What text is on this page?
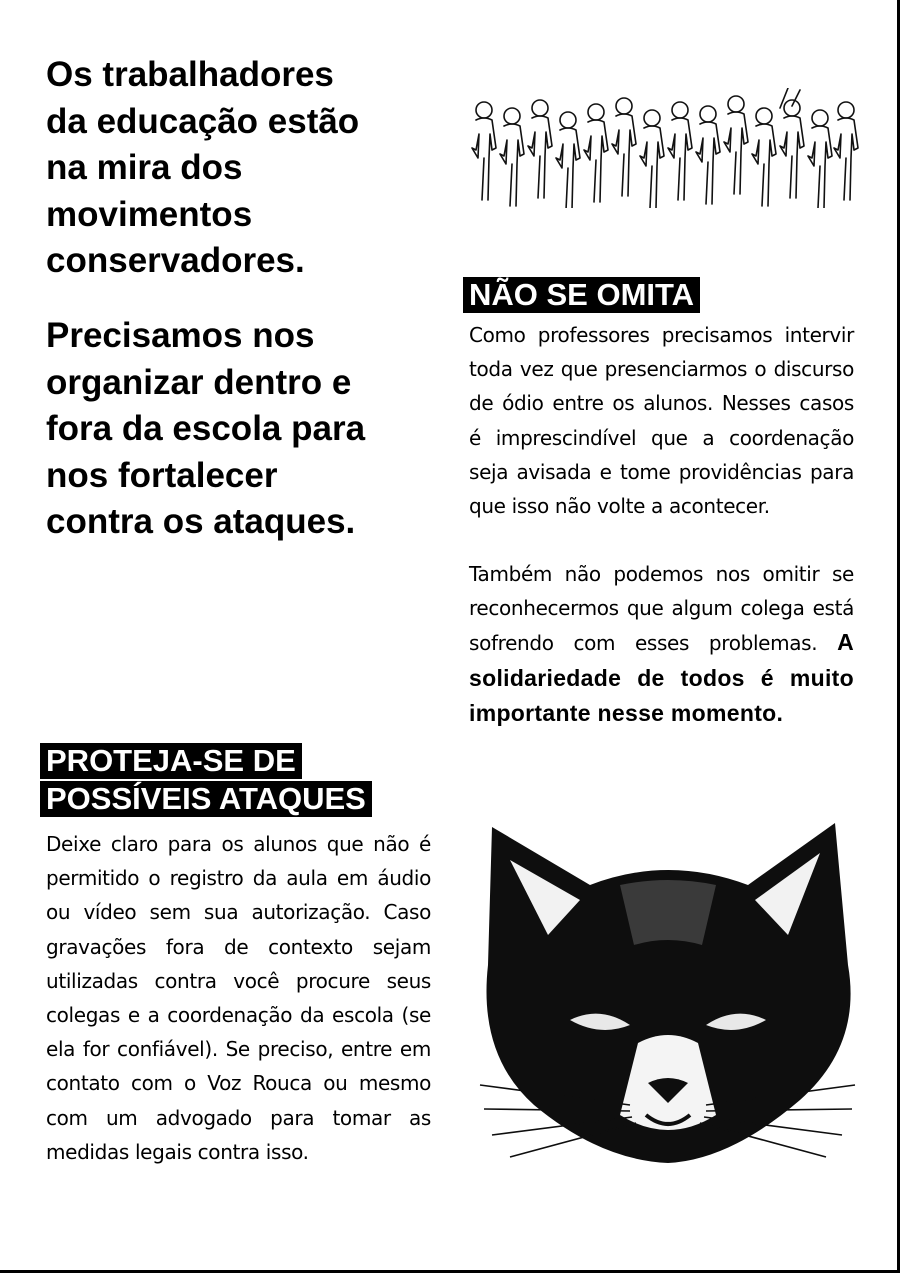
Os trabalhadores
da educação estão
na mira dos
movimentos
conservadores.
Precisamos nos
organizar dentro e
fora da escola para
nos fortalecer
contra os ataques.
NÃO SE OMITA

Como professores precisamos intervir toda vez que presenciarmos o discurso de ódio entre os alunos. Nesses casos é imprescindível que a coordenação seja avisada e tome providências para que isso não volte a acontecer.

Também não podemos nos omitir se reconhecermos que algum colega está sofrendo com esses problemas. A solidariedade de todos é muito importante nesse momento.

PROTEJA-SE DE
POSSÍVEIS ATAQUES

Deixe claro para os alunos que não é permitido o registro da aula em áudio ou vídeo sem sua autorização. Caso gravações fora de contexto sejam utilizadas contra você procure seus colegas e a coordenação da escola (se ela for confiável). Se preciso, entre em contato com o Voz Rouca ou mesmo com um advogado para tomar as medidas legais contra isso.
